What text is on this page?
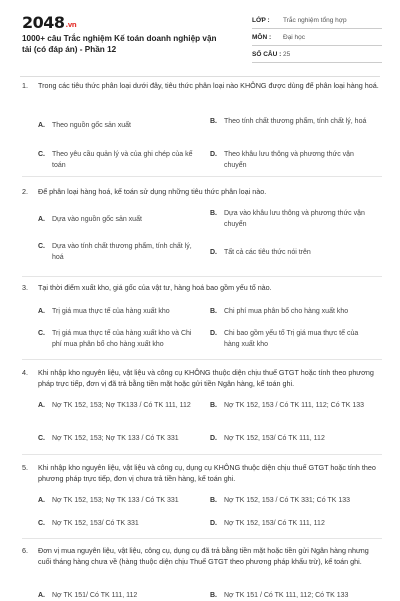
2048.vn
1000+ câu Trắc nghiệm Kế toán doanh nghiệp vận tải (có đáp án) - Phần 12
LỚP :	Trắc nghiệm tổng hợp
MÔN :	Đại học
SỐ CÂU : 25
1.	Trong các tiêu thức phân loại dưới đây, tiêu thức phân loại nào KHÔNG được dùng để phân loại hàng hoá.
A.	Theo nguồn gốc sản xuất
B.	Theo tính chất thương phẩm, tính chất lý, hoá
C.	Theo yêu cầu quản lý và của ghi chép của kế toán
D.	Theo khâu lưu thông và phương thức vận chuyển
2.	Để phân loại hàng hoá, kế toán sử dụng những tiêu thức phân loại nào.
A.	Dựa vào nguồn gốc sản xuất
B.	Dựa vào khâu lưu thông và phương thức vận chuyển
C.	Dựa vào tính chất thương phẩm, tính chất lý, hoá
D.	Tất cả các tiêu thức nói trên
3.	Tại thời điểm xuất kho, giá gốc của vật tư, hàng hoá bao gồm yếu tố nào.
A.	Trị giá mua thực tế của hàng xuất kho	B.	Chi phí mua phân bổ cho hàng xuất kho
C.	Trị giá mua thực tế của hàng xuất kho và Chi phí mua phân bổ cho hàng xuất kho
D.	Chi bao gồm yếu tố Trị giá mua thực tế của hàng xuất kho
4.	Khi nhập kho nguyên liệu, vật liệu và công cụ KHÔNG thuộc diện chịu thuế GTGT hoặc tính theo phương pháp trực tiếp, đơn vị đã trả bằng tiền mặt hoặc gửi tiền Ngân hàng, kế toán ghi.
A.	Nợ TK 152, 153; Nợ TK133 / Có TK 111, 112	B.	Nợ TK 152, 153 / Có TK 111, 112; Có TK 133
C.	Nợ TK 152, 153; Nợ TK 133 / Có TK 331	D.	Nợ TK 152, 153/ Có TK 111, 112
5.	Khi nhập kho nguyên liệu, vật liệu và công cụ, dụng cụ KHÔNG thuộc diện chịu thuế GTGT hoặc tính theo phương pháp trực tiếp, đơn vị chưa trả tiền hàng, kế toán ghi.
A.	Nợ TK 152, 153; Nợ TK 133 / Có TK 331	B.	Nợ TK 152, 153 / Có TK 331; Có TK 133
C.	Nợ TK 152, 153/ Có TK 331	D.	Nợ TK 152, 153/ Có TK 111, 112
6.	Đơn vị mua nguyên liệu, vật liệu, công cụ, dụng cụ đã trả bằng tiền mặt hoặc tiền gửi Ngân hàng nhưng cuối tháng hàng chưa về (hàng thuộc diện chịu Thuế GTGT theo phương pháp khấu trừ), kế toán ghi.
A.	Nợ TK 151/ Có TK 111, 112	B.	Nợ TK 151 / Có TK 111, 112; Có TK 133
